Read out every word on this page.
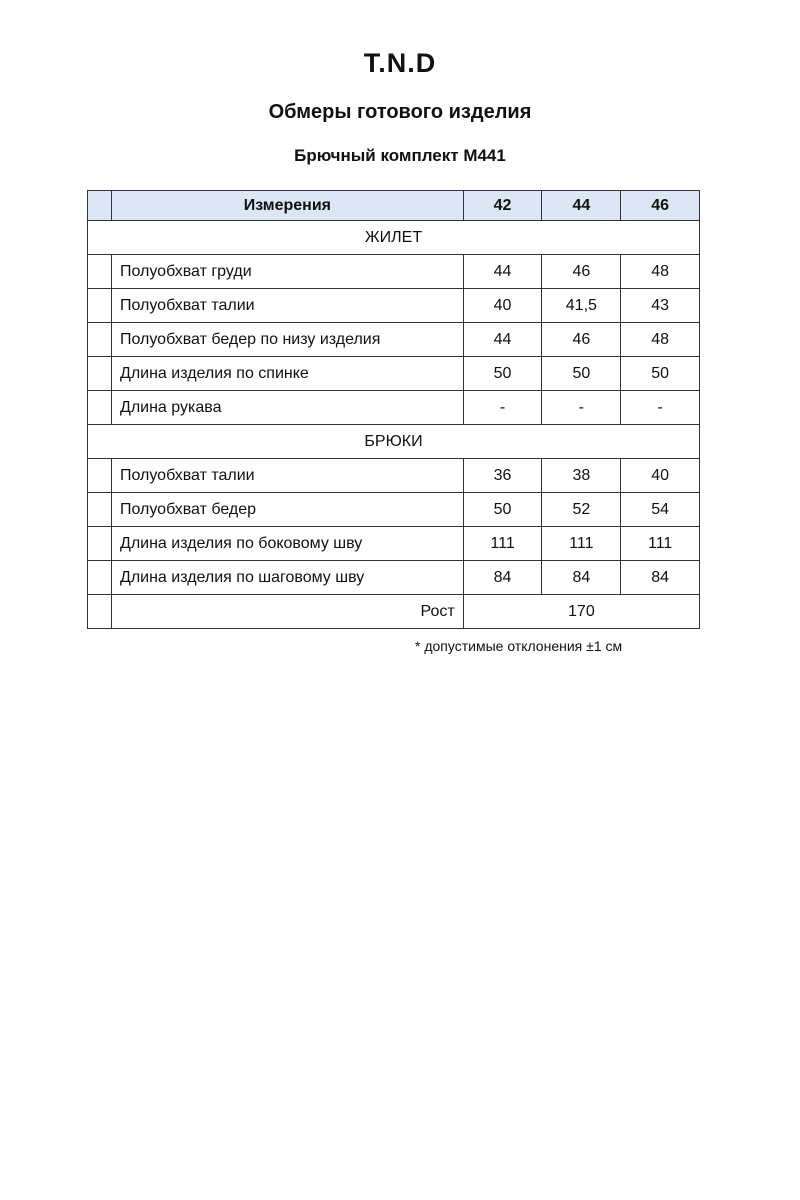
T.N.D
Обмеры готового изделия
Брючный комплект M441
	Измерения	42	44	46
ЖИЛЕТ				
	Полуобхват груди	44	46	48
	Полуобхват талии	40	41,5	43
	Полуобхват бедер по низу изделия	44	46	48
	Длина изделия по спинке	50	50	50
	Длина рукава	-	-	-
БРЮКИ				
	Полуобхват талии	36	38	40
	Полуобхват бедер	50	52	54
	Длина изделия по боковому шву	111	111	111
	Длина изделия по шаговому шву	84	84	84
	Рост	170		
* допустимые отклонения ±1 см
